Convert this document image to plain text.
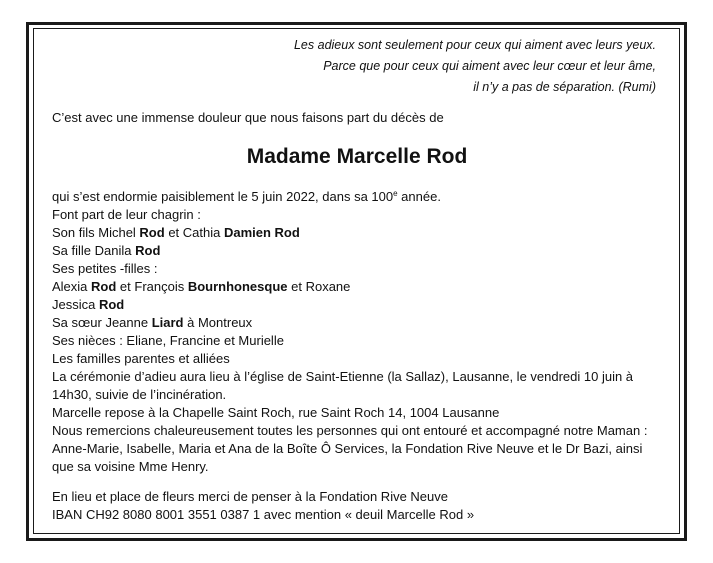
Les adieux sont seulement pour ceux qui aiment avec leurs yeux.
Parce que pour ceux qui aiment avec leur cœur et leur âme,
il n’y a pas de séparation. (Rumi)
C’est avec une immense douleur que nous faisons part du décès de
Madame Marcelle Rod
qui s’est endormie paisiblement le 5 juin 2022, dans sa 100e année.
Font part de leur chagrin :
Son fils Michel Rod et Cathia Damien Rod
Sa fille Danila Rod
Ses petites -filles :
Alexia Rod et François Bournhonesque et Roxane
Jessica Rod
Sa sœur Jeanne Liard à Montreux
Ses nièces : Eliane, Francine et Murielle
Les familles parentes et alliées
La cérémonie d’adieu aura lieu à l’église de Saint-Etienne (la Sallaz), Lausanne, le vendredi 10 juin à 14h30, suivie de l’incinération.
Marcelle repose à la Chapelle Saint Roch, rue Saint Roch 14, 1004 Lausanne
Nous remercions chaleureusement toutes les personnes qui ont entouré et accompagné notre Maman : Anne-Marie, Isabelle, Maria et Ana de la Boîte Ô Services, la Fondation Rive Neuve et le Dr Bazi, ainsi que sa voisine Mme Henry.
En lieu et place de fleurs merci de penser à la Fondation Rive Neuve
IBAN CH92 8080 8001 3551 0387 1 avec mention « deuil Marcelle Rod »
